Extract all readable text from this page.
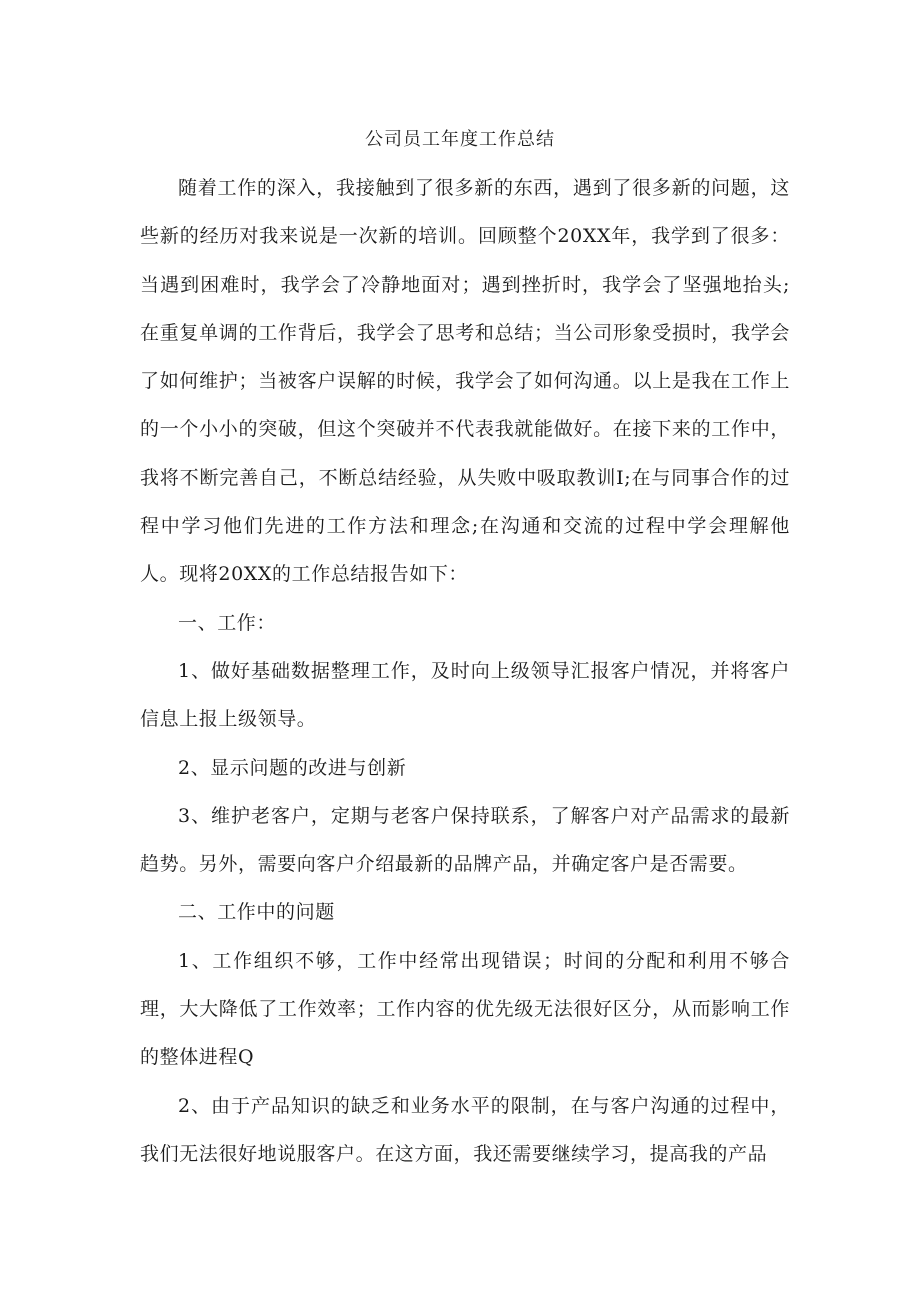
公司员工年度工作总结

随着工作的深入，我接触到了很多新的东西，遇到了很多新的问题，这些新的经历对我来说是一次新的培训。回顾整个20XX年，我学到了很多：当遇到困难时，我学会了冷静地面对；遇到挫折时，我学会了坚强地抬头;在重复单调的工作背后，我学会了思考和总结；当公司形象受损时，我学会了如何维护；当被客户误解的时候，我学会了如何沟通。以上是我在工作上的一个小小的突破，但这个突破并不代表我就能做好。在接下来的工作中，我将不断完善自己，不断总结经验，从失败中吸取教训I;在与同事合作的过程中学习他们先进的工作方法和理念;在沟通和交流的过程中学会理解他人。现将20XX的工作总结报告如下：

一、工作：

1、做好基础数据整理工作，及时向上级领导汇报客户情况，并将客户信息上报上级领导。

2、显示问题的改进与创新

3、维护老客户，定期与老客户保持联系，了解客户对产品需求的最新趋势。另外，需要向客户介绍最新的品牌产品，并确定客户是否需要。

二、工作中的问题

1、工作组织不够，工作中经常出现错误；时间的分配和利用不够合理，大大降低了工作效率；工作内容的优先级无法很好区分，从而影响工作的整体进程Q

2、由于产品知识的缺乏和业务水平的限制，在与客户沟通的过程中，我们无法很好地说服客户。在这方面，我还需要继续学习，提高我的产品
